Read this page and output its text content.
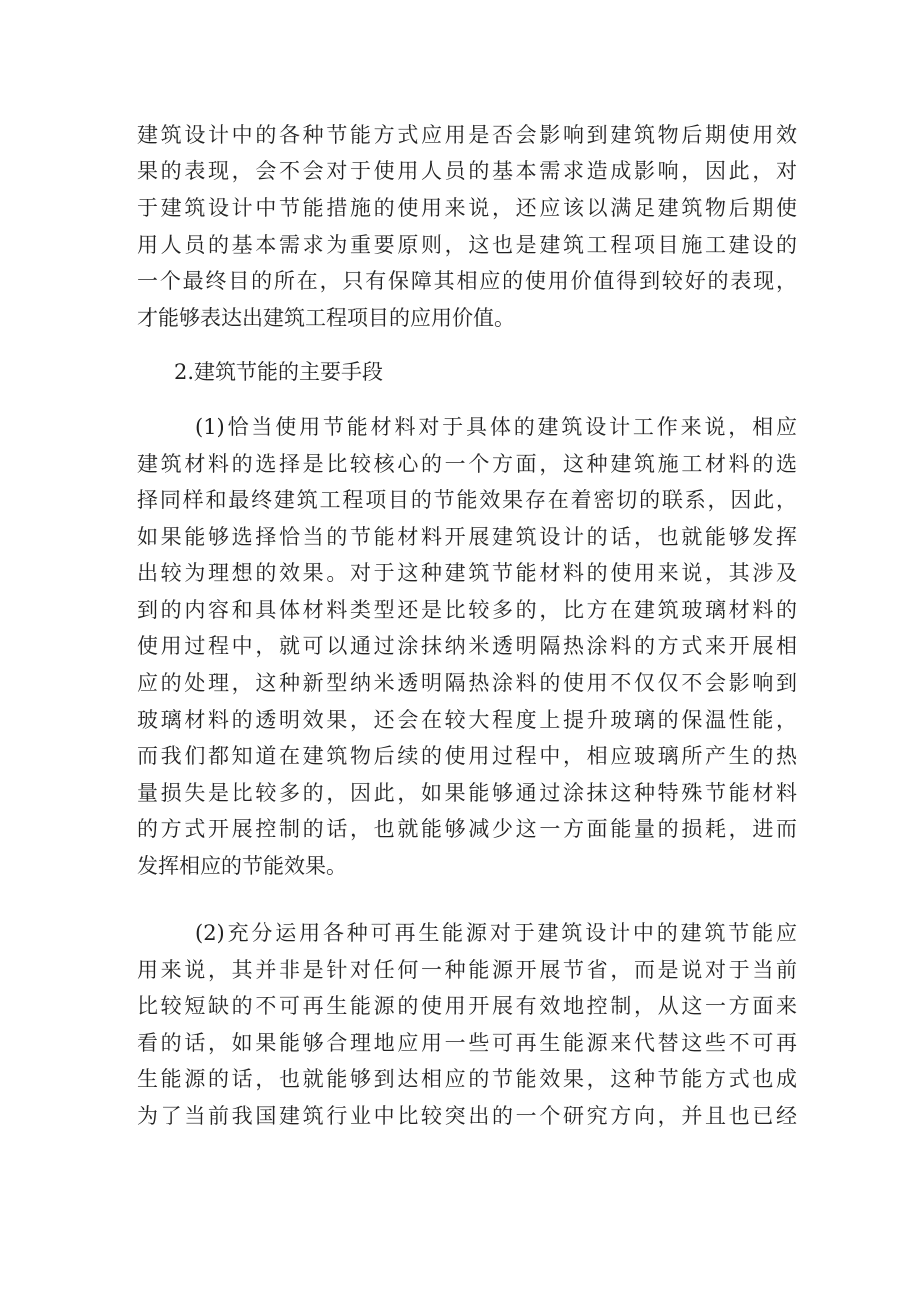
建筑设计中的各种节能方式应用是否会影响到建筑物后期使用效
果的表现，会不会对于使用人员的基本需求造成影响，因此，对
于建筑设计中节能措施的使用来说，还应该以满足建筑物后期使
用人员的基本需求为重要原则，这也是建筑工程项目施工建设的
一个最终目的所在，只有保障其相应的使用价值得到较好的表现，
才能够表达出建筑工程项目的应用价值。
2.建筑节能的主要手段
(1)恰当使用节能材料对于具体的建筑设计工作来说，相应
建筑材料的选择是比较核心的一个方面，这种建筑施工材料的选
择同样和最终建筑工程项目的节能效果存在着密切的联系，因此，
如果能够选择恰当的节能材料开展建筑设计的话，也就能够发挥
出较为理想的效果。对于这种建筑节能材料的使用来说，其涉及
到的内容和具体材料类型还是比较多的，比方在建筑玻璃材料的
使用过程中，就可以通过涂抹纳米透明隔热涂料的方式来开展相
应的处理，这种新型纳米透明隔热涂料的使用不仅仅不会影响到
玻璃材料的透明效果，还会在较大程度上提升玻璃的保温性能，
而我们都知道在建筑物后续的使用过程中，相应玻璃所产生的热
量损失是比较多的，因此，如果能够通过涂抹这种特殊节能材料
的方式开展控制的话，也就能够减少这一方面能量的损耗，进而
发挥相应的节能效果。
(2)充分运用各种可再生能源对于建筑设计中的建筑节能应
用来说，其并非是针对任何一种能源开展节省，而是说对于当前
比较短缺的不可再生能源的使用开展有效地控制，从这一方面来
看的话，如果能够合理地应用一些可再生能源来代替这些不可再
生能源的话，也就能够到达相应的节能效果，这种节能方式也成
为了当前我国建筑行业中比较突出的一个研究方向，并且也已经
